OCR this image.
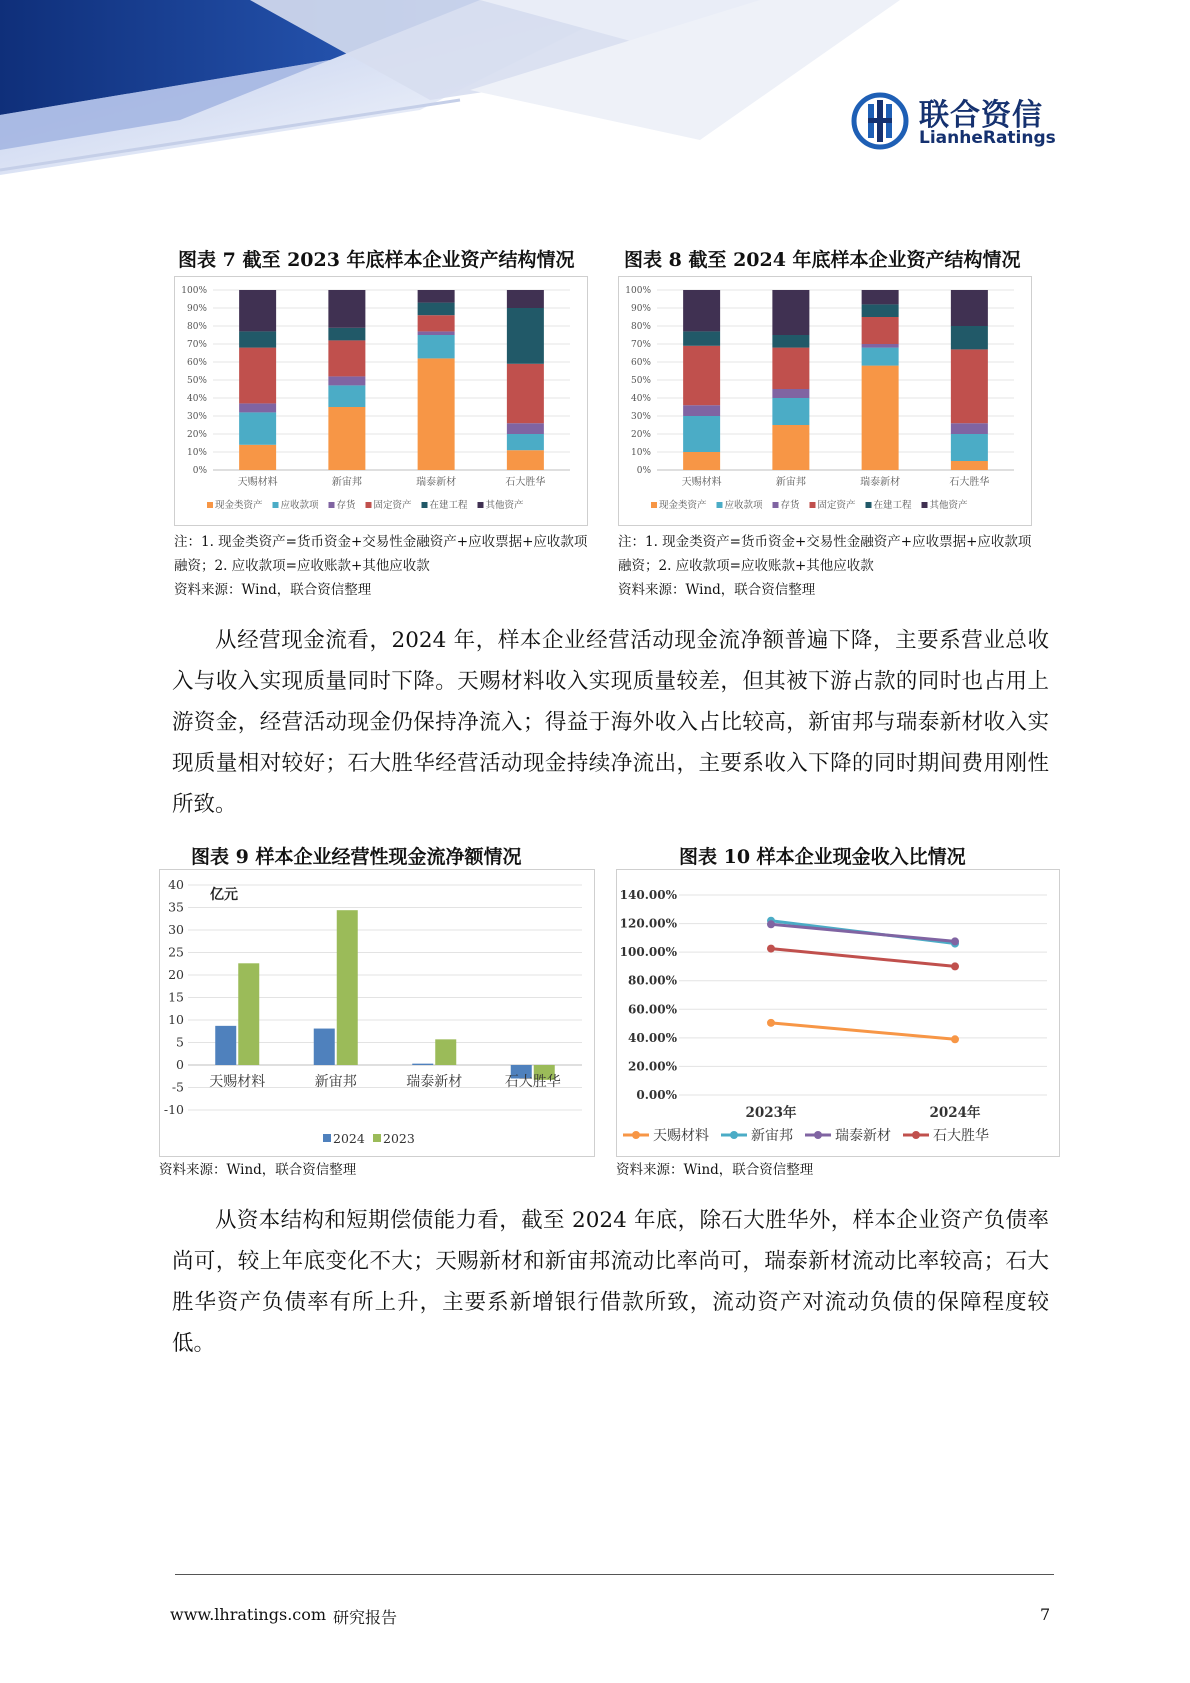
联合资信
LianheRatings
图表 7 截至 2023 年底样本企业资产结构情况
0%
10%
20%
30%
40%
50%
60%
70%
80%
90%
100%
天赐材料	新宙邦	瑞泰新材	石大胜华
现金类资产 应收款项 存货 固定资产 在建工程 其他资产
注：1. 现金类资产=货币资金+交易性金融资产+应收票据+应收款项融资；2. 应收款项=应收账款+其他应收款
资料来源：Wind，联合资信整理
图表 8 截至 2024 年底样本企业资产结构情况
0%
10%
20%
30%
40%
50%
60%
70%
80%
90%
100%
天赐材料	新宙邦	瑞泰新材	石大胜华
现金类资产 应收款项 存货 固定资产 在建工程 其他资产
注：1. 现金类资产=货币资金+交易性金融资产+应收票据+应收款项融资；2. 应收款项=应收账款+其他应收款
资料来源：Wind，联合资信整理
从经营现金流看，2024 年，样本企业经营活动现金流净额普遍下降，主要系营业总收入与收入实现质量同时下降。天赐材料收入实现质量较差，但其被下游占款的同时也占用上游资金，经营活动现金仍保持净流入；得益于海外收入占比较高，新宙邦与瑞泰新材收入实现质量相对较好；石大胜华经营活动现金持续净流出，主要系收入下降的同时期间费用刚性所致。
图表 9 样本企业经营性现金流净额情况
-10
-5
0
5
10
15
20
25
30
35
40
亿元
天赐材料	新宙邦	瑞泰新材	石大胜华
2024 2023
资料来源：Wind，联合资信整理
图表 10 样本企业现金收入比情况
0.00%
20.00%
40.00%
60.00%
80.00%
100.00%
120.00%
140.00%
2023年	2024年
天赐材料	新宙邦	瑞泰新材	石大胜华
资料来源：Wind，联合资信整理
从资本结构和短期偿债能力看，截至 2024 年底，除石大胜华外，样本企业资产负债率尚可，较上年底变化不大；天赐新材和新宙邦流动比率尚可，瑞泰新材流动比率较高；石大胜华资产负债率有所上升，主要系新增银行借款所致，流动资产对流动负债的保障程度较低。
www.lhratings.com 研究报告	7
